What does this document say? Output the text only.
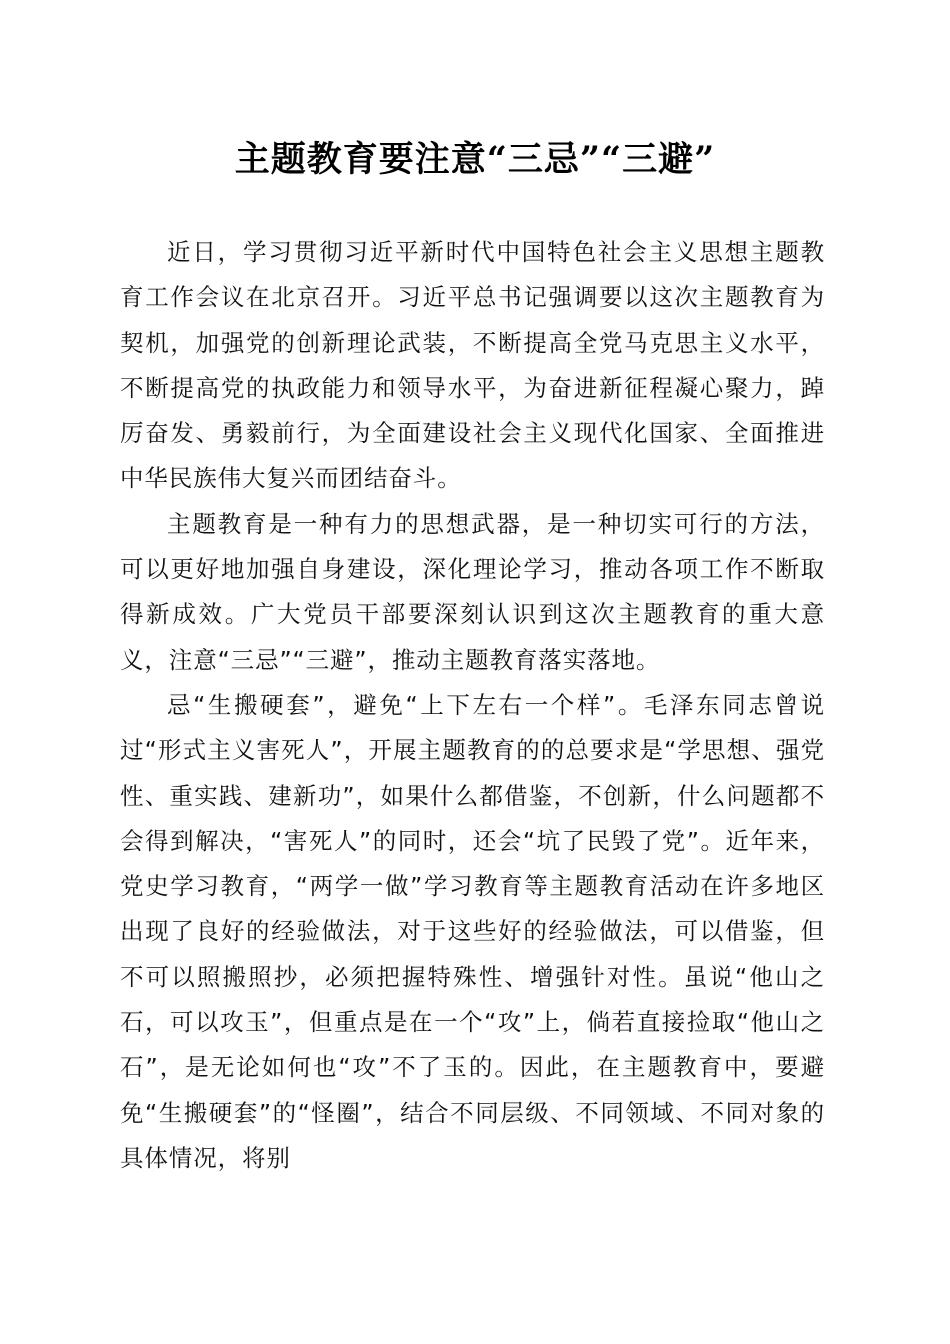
主题教育要注意“三忌”“三避”

近日，学习贯彻习近平新时代中国特色社会主义思想主题教育工作会议在北京召开。习近平总书记强调要以这次主题教育为契机，加强党的创新理论武装，不断提高全党马克思主义水平，不断提高党的执政能力和领导水平，为奋进新征程凝心聚力，踔厉奋发、勇毅前行，为全面建设社会主义现代化国家、全面推进中华民族伟大复兴而团结奋斗。

主题教育是一种有力的思想武器，是一种切实可行的方法，可以更好地加强自身建设，深化理论学习，推动各项工作不断取得新成效。广大党员干部要深刻认识到这次主题教育的重大意义，注意“三忌”“三避”，推动主题教育落实落地。

忌“生搬硬套”，避免“上下左右一个样”。毛泽东同志曾说过“形式主义害死人”，开展主题教育的的总要求是“学思想、强党性、重实践、建新功”，如果什么都借鉴，不创新，什么问题都不会得到解决，“害死人”的同时，还会“坑了民毁了党”。近年来，党史学习教育，“两学一做”学习教育等主题教育活动在许多地区出现了良好的经验做法，对于这些好的经验做法，可以借鉴，但不可以照搬照抄，必须把握特殊性、增强针对性。虽说“他山之石，可以攻玉”，但重点是在一个“攻”上，倘若直接捡取“他山之石”，是无论如何也“攻”不了玉的。因此，在主题教育中，要避免“生搬硬套”的“怪圈”，结合不同层级、不同领域、不同对象的具体情况，将别
